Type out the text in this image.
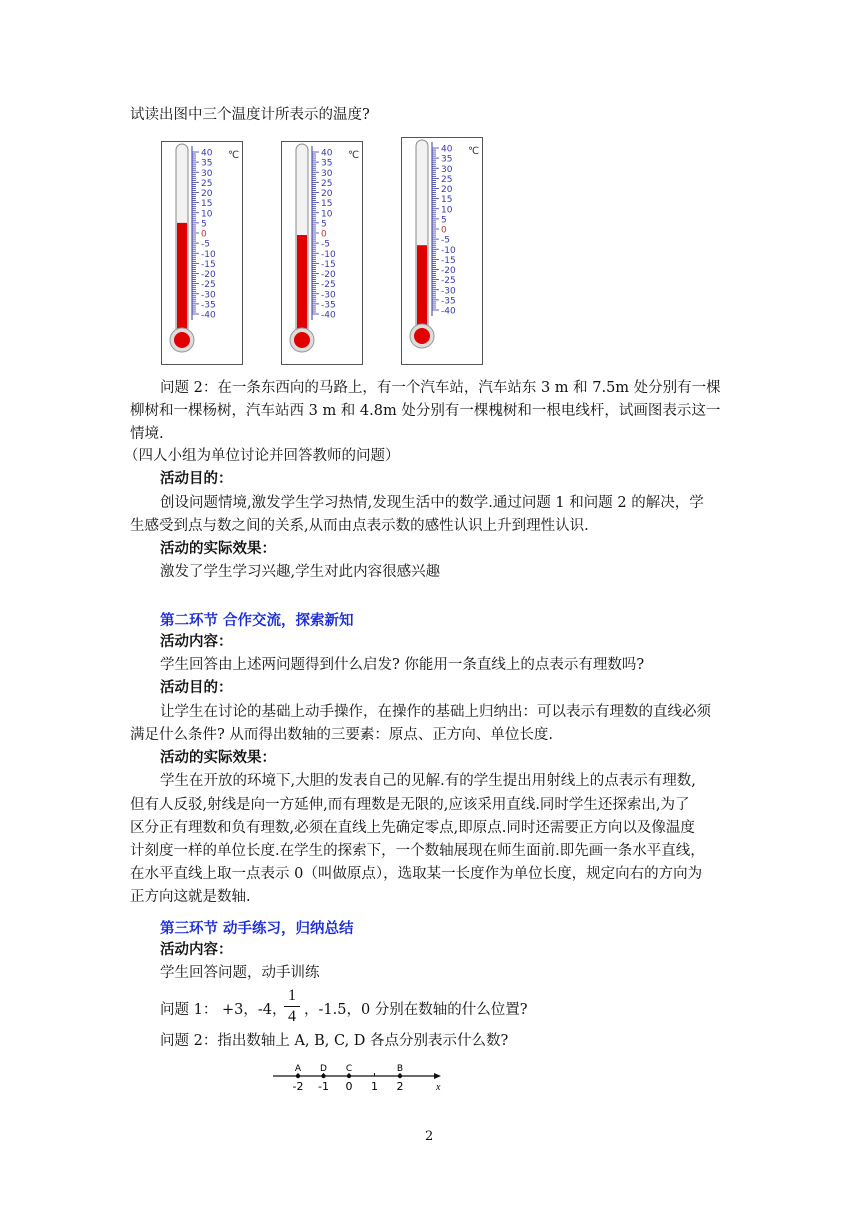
试读出图中三个温度计所表示的温度?
40
35
30
25
20
15
10
5
0
-5
-10
-15
-20
-25
-30
-35
-40
℃	40
35
30
25
20
15
10
5
0
-5
-10
-15
-20
-25
-30
-35
-40
℃
40
35
30
25
20
15
10
5
0
-5
-10
-15
-20
-25
-30
-35
-40
℃
问题 2：在一条东西向的马路上，有一个汽车站，汽车站东 3 m 和 7.5m 处分别有一棵
柳树和一棵杨树，汽车站西 3 m 和 4.8m 处分别有一棵槐树和一根电线杆，试画图表示这一
情境.
（四人小组为单位讨论并回答教师的问题）
活动目的：
创设问题情境,激发学生学习热情,发现生活中的数学.通过问题 1 和问题 2 的解决，学
生感受到点与数之间的关系,从而由点表示数的感性认识上升到理性认识.
活动的实际效果：
激发了学生学习兴趣,学生对此内容很感兴趣
第二环节 合作交流，探索新知
活动内容：
学生回答由上述两问题得到什么启发? 你能用一条直线上的点表示有理数吗?
活动目的：
让学生在讨论的基础上动手操作，在操作的基础上归纳出：可以表示有理数的直线必须
满足什么条件? 从而得出数轴的三要素：原点、正方向、单位长度.
活动的实际效果：
学生在开放的环境下,大胆的发表自己的见解.有的学生提出用射线上的点表示有理数,
但有人反驳,射线是向一方延伸,而有理数是无限的,应该采用直线.同时学生还探索出,为了
区分正有理数和负有理数,必须在直线上先确定零点,即原点.同时还需要正方向以及像温度
计刻度一样的单位长度.在学生的探索下，一个数轴展现在师生面前.即先画一条水平直线，
在水平直线上取一点表示 0（叫做原点），选取某一长度作为单位长度，规定向右的方向为
正方向这就是数轴.
第三环节 动手练习，归纳总结
活动内容：
学生回答问题，动手训练
问题 1： +3，-4，
$\frac{1}{4}$ ，-1.5，0 分别在数轴的什么位置?
问题 2：指出数轴上 A, B, C, D 各点分别表示什么数?
x
-2 -1 0 1 2
A D C	B
2
